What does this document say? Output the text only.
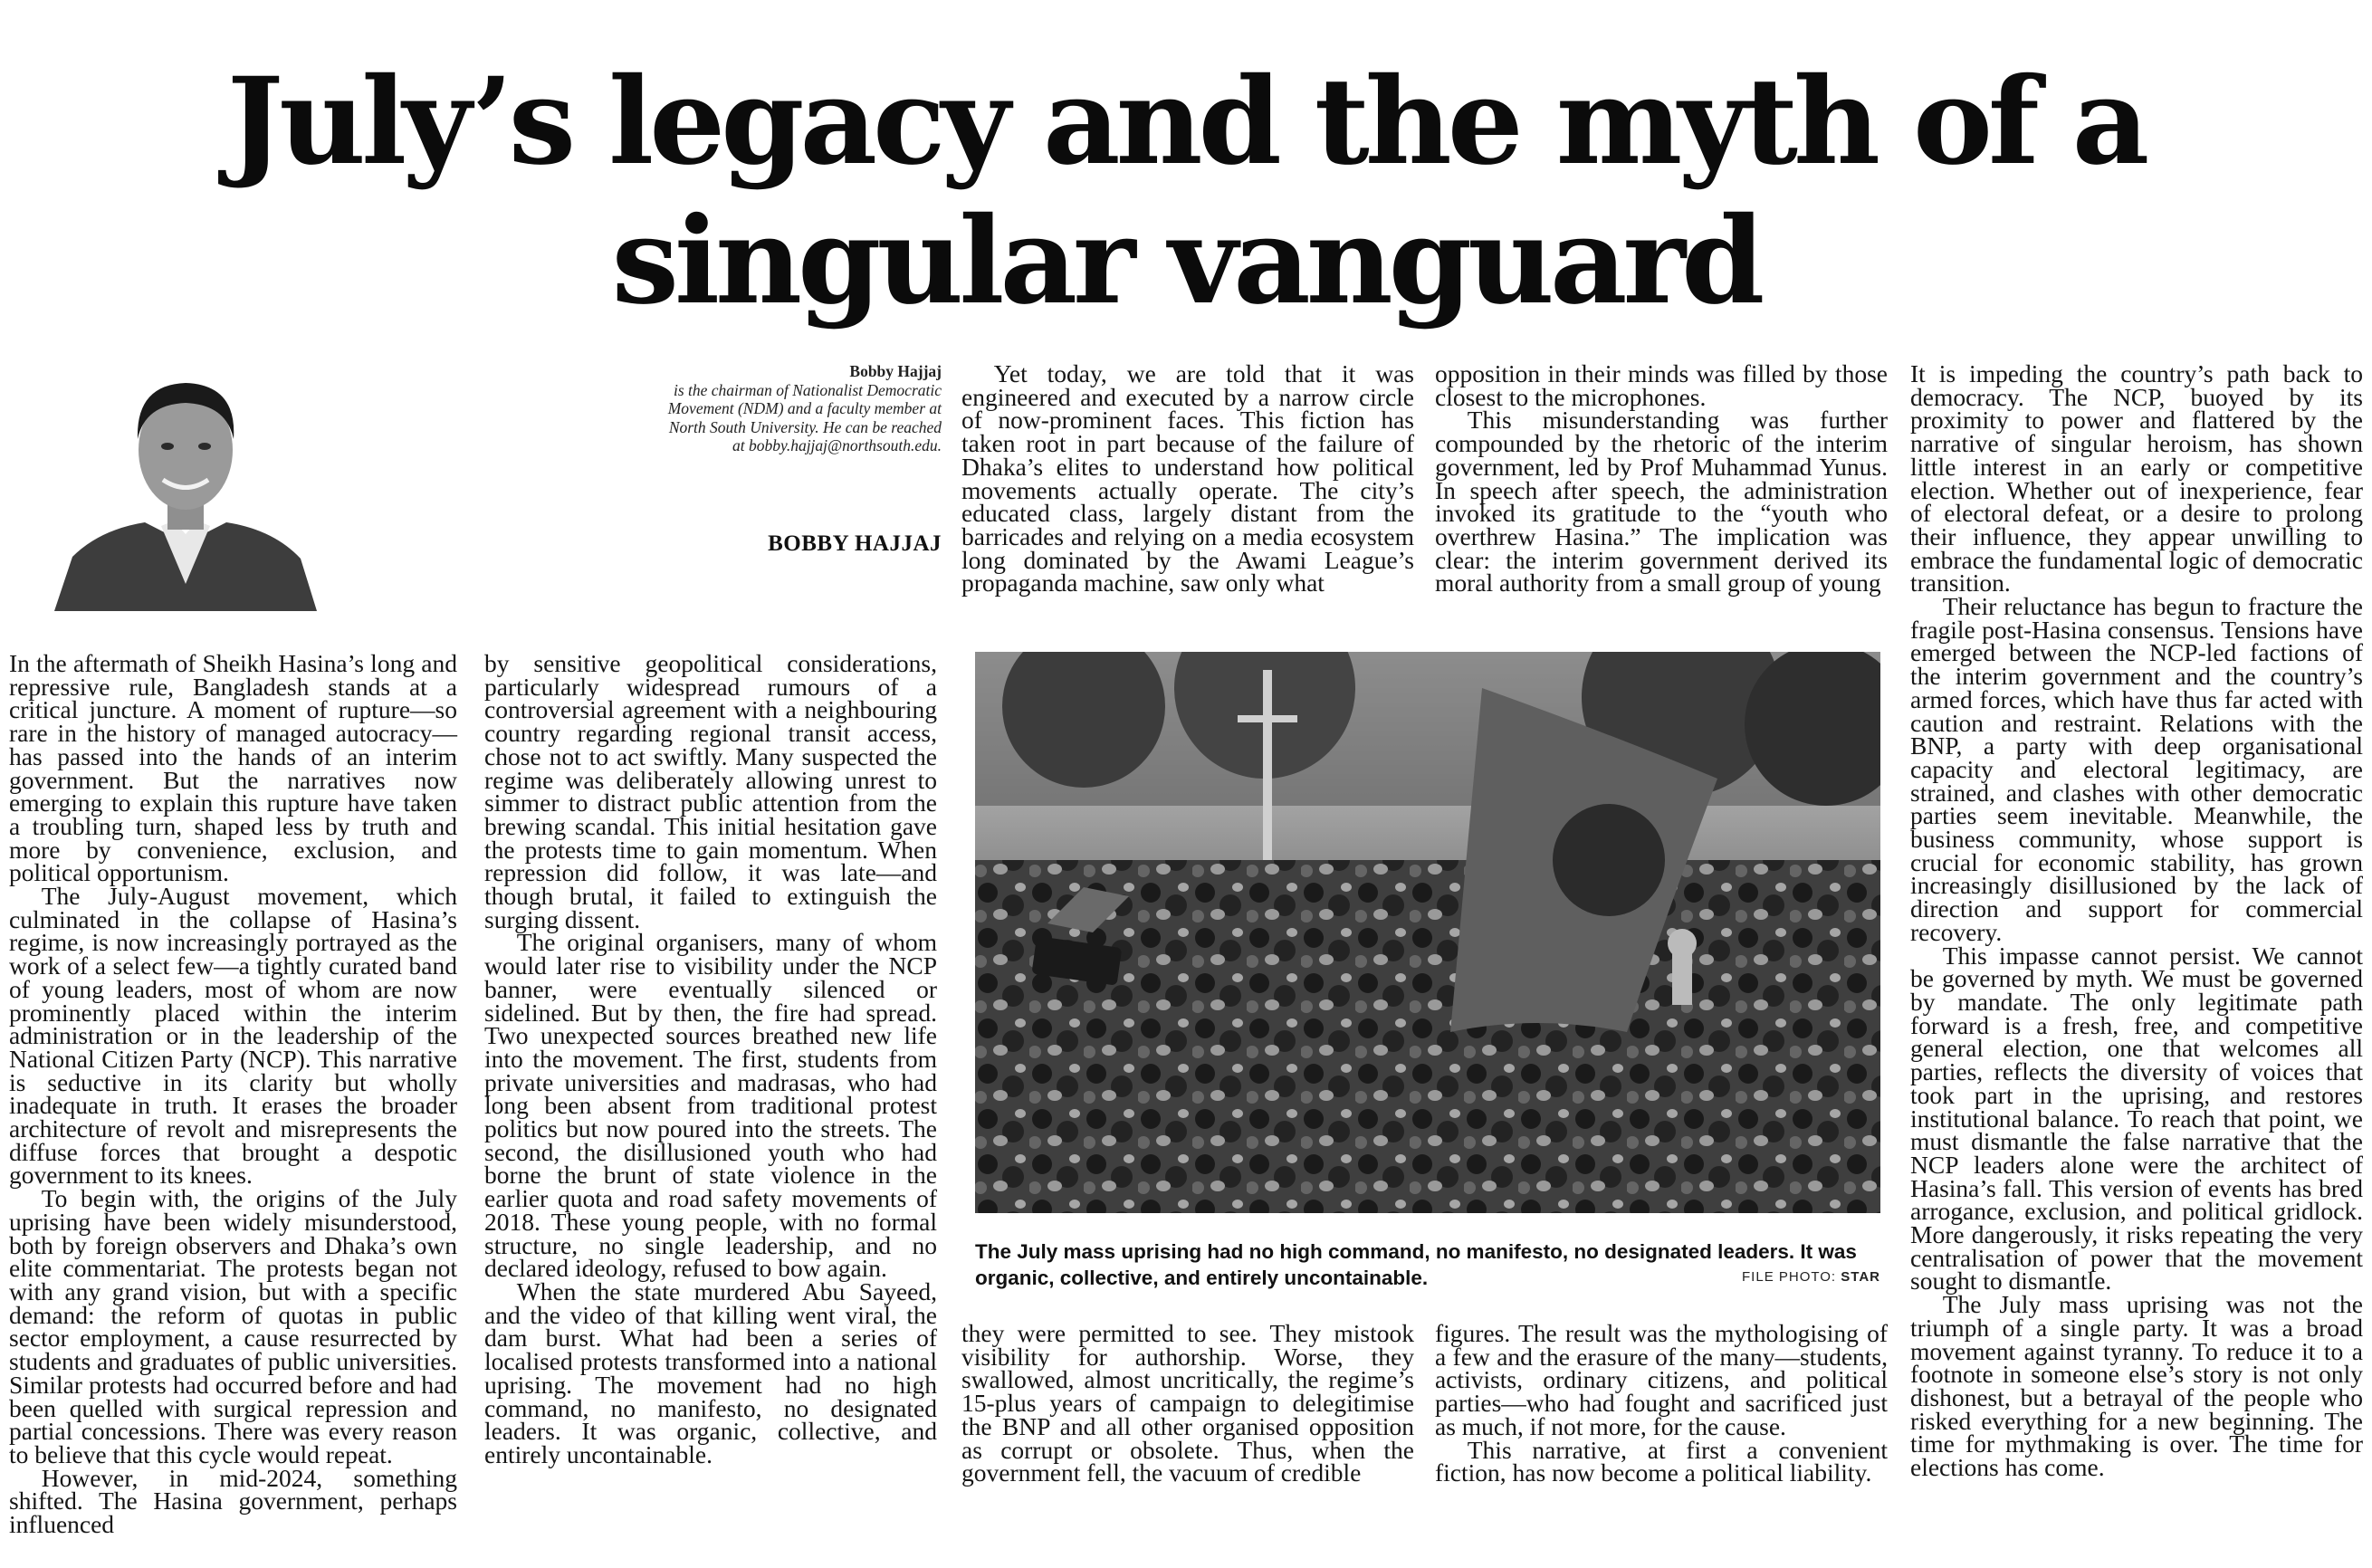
July’s legacy and the myth of a
singular vanguard
Bobby Hajjaj
is the chairman of Nationalist Democratic
Movement (NDM) and a faculty member at
North South University. He can be reached
at bobby.hajjaj@northsouth.edu.
BOBBY HAJJAJ

In the aftermath of Sheikh Hasina’s long and repressive rule, Bangladesh stands at a critical juncture. A moment of rupture—so rare in the history of managed autocracy—has passed into the hands of an interim government. But the narratives now emerging to explain this rupture have taken a troubling turn, shaped less by truth and more by convenience, exclusion, and political opportunism.

The July-August movement, which culminated in the collapse of Hasina’s regime, is now increasingly portrayed as the work of a select few—a tightly curated band of young leaders, most of whom are now prominently placed within the interim administration or in the leadership of the National Citizen Party (NCP). This narrative is seductive in its clarity but wholly inadequate in truth. It erases the broader architecture of revolt and misrepresents the diffuse forces that brought a despotic government to its knees.

To begin with, the origins of the July uprising have been widely misunderstood, both by foreign observers and Dhaka’s own elite commentariat. The protests began not with any grand vision, but with a specific demand: the reform of quotas in public sector employment, a cause resurrected by students and graduates of public universities. Similar protests had occurred before and had been quelled with surgical repression and partial concessions. There was every reason to believe that this cycle would repeat.

However, in mid-2024, something shifted. The Hasina government, perhaps influenced

by sensitive geopolitical considerations, particularly widespread rumours of a controversial agreement with a neighbouring country regarding regional transit access, chose not to act swiftly. Many suspected the regime was deliberately allowing unrest to simmer to distract public attention from the brewing scandal. This initial hesitation gave the protests time to gain momentum. When repression did follow, it was late—and though brutal, it failed to extinguish the surging dissent.

The original organisers, many of whom would later rise to visibility under the NCP banner, were eventually silenced or sidelined. But by then, the fire had spread. Two unexpected sources breathed new life into the movement. The first, students from private universities and madrasas, who had long been absent from traditional protest politics but now poured into the streets. The second, the disillusioned youth who had borne the brunt of state violence in the earlier quota and road safety movements of 2018. These young people, with no formal structure, no single leadership, and no declared ideology, refused to bow again.

When the state murdered Abu Sayeed, and the video of that killing went viral, the dam burst. What had been a series of localised protests transformed into a national uprising. The movement had no high command, no manifesto, no designated leaders. It was organic, collective, and entirely uncontainable.

Yet today, we are told that it was engineered and executed by a narrow circle of now-prominent faces. This fiction has taken root in part because of the failure of Dhaka’s elites to understand how political movements actually operate. The city’s educated class, largely distant from the barricades and relying on a media ecosystem long dominated by the Awami League’s propaganda machine, saw only what

opposition in their minds was filled by those closest to the microphones.

This misunderstanding was further compounded by the rhetoric of the interim government, led by Prof Muhammad Yunus. In speech after speech, the administration invoked its gratitude to the “youth who overthrew Hasina.” The implication was clear: the interim government derived its moral authority from a small group of young

The July mass uprising had no high command, no manifesto, no designated leaders. It was organic, collective, and entirely uncontainable.	FILE PHOTO: STAR

they were permitted to see. They mistook visibility for authorship. Worse, they swallowed, almost uncritically, the regime’s 15-plus years of campaign to delegitimise the BNP and all other organised opposition as corrupt or obsolete. Thus, when the government fell, the vacuum of credible

figures. The result was the mythologising of a few and the erasure of the many—students, activists, ordinary citizens, and political parties—who had fought and sacrificed just as much, if not more, for the cause.

This narrative, at first a convenient fiction, has now become a political liability.

It is impeding the country’s path back to democracy. The NCP, buoyed by its proximity to power and flattered by the narrative of singular heroism, has shown little interest in an early or competitive election. Whether out of inexperience, fear of electoral defeat, or a desire to prolong their influence, they appear unwilling to embrace the fundamental logic of democratic transition.

Their reluctance has begun to fracture the fragile post-Hasina consensus. Tensions have emerged between the NCP-led factions of the interim government and the country’s armed forces, which have thus far acted with caution and restraint. Relations with the BNP, a party with deep organisational capacity and electoral legitimacy, are strained, and clashes with other democratic parties seem inevitable. Meanwhile, the business community, whose support is crucial for economic stability, has grown increasingly disillusioned by the lack of direction and support for commercial recovery.

This impasse cannot persist. We cannot be governed by myth. We must be governed by mandate. The only legitimate path forward is a fresh, free, and competitive general election, one that welcomes all parties, reflects the diversity of voices that took part in the uprising, and restores institutional balance. To reach that point, we must dismantle the false narrative that the NCP leaders alone were the architect of Hasina’s fall. This version of events has bred arrogance, exclusion, and political gridlock. More dangerously, it risks repeating the very centralisation of power that the movement sought to dismantle.

The July mass uprising was not the triumph of a single party. It was a broad movement against tyranny. To reduce it to a footnote in someone else’s story is not only dishonest, but a betrayal of the people who risked everything for a new beginning. The time for mythmaking is over. The time for elections has come.
